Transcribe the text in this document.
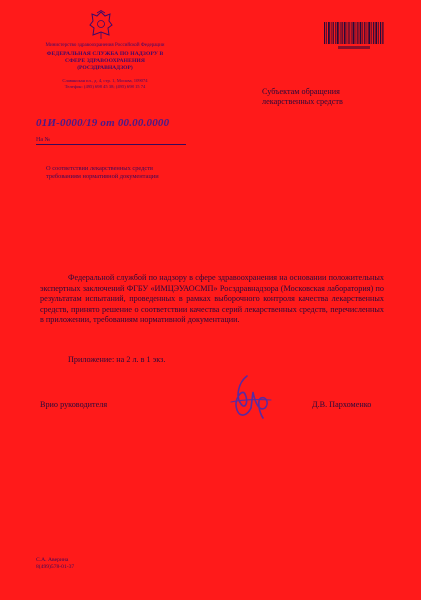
Министерство здравоохранения Российской Федерации
ФЕДЕРАЛЬНАЯ СЛУЖБА ПО НАДЗОРУ В СФЕРЕ ЗДРАВООХРАНЕНИЯ
(РОСЗДРАВНАДЗОР)
Славянская пл., д. 4, стр. 1, Москва, 109074
Телефон: (495) 698 45 38; (495) 698 15 74
01И-0000/19 от 00.00.0000
На №
О соответствии лекарственных средств требованиям нормативной документации
Субъектам обращения лекарственных средств
Федеральной службой по надзору в сфере здравоохранения на основании положительных экспертных заключений ФГБУ «ИМЦЭУАОСМП» Росздравнадзора (Московская лаборатория) по результатам испытаний, проведенных в рамках выборочного контроля качества лекарственных средств, принято решение о соответствии качества серий лекарственных средств, перечисленных в приложении, требованиям нормативной документации.
Приложение: на 2 л. в 1 экз.
Врио руководителя	Д.В. Пархоменко
С.А. Аверина
8(499)578-01-37
